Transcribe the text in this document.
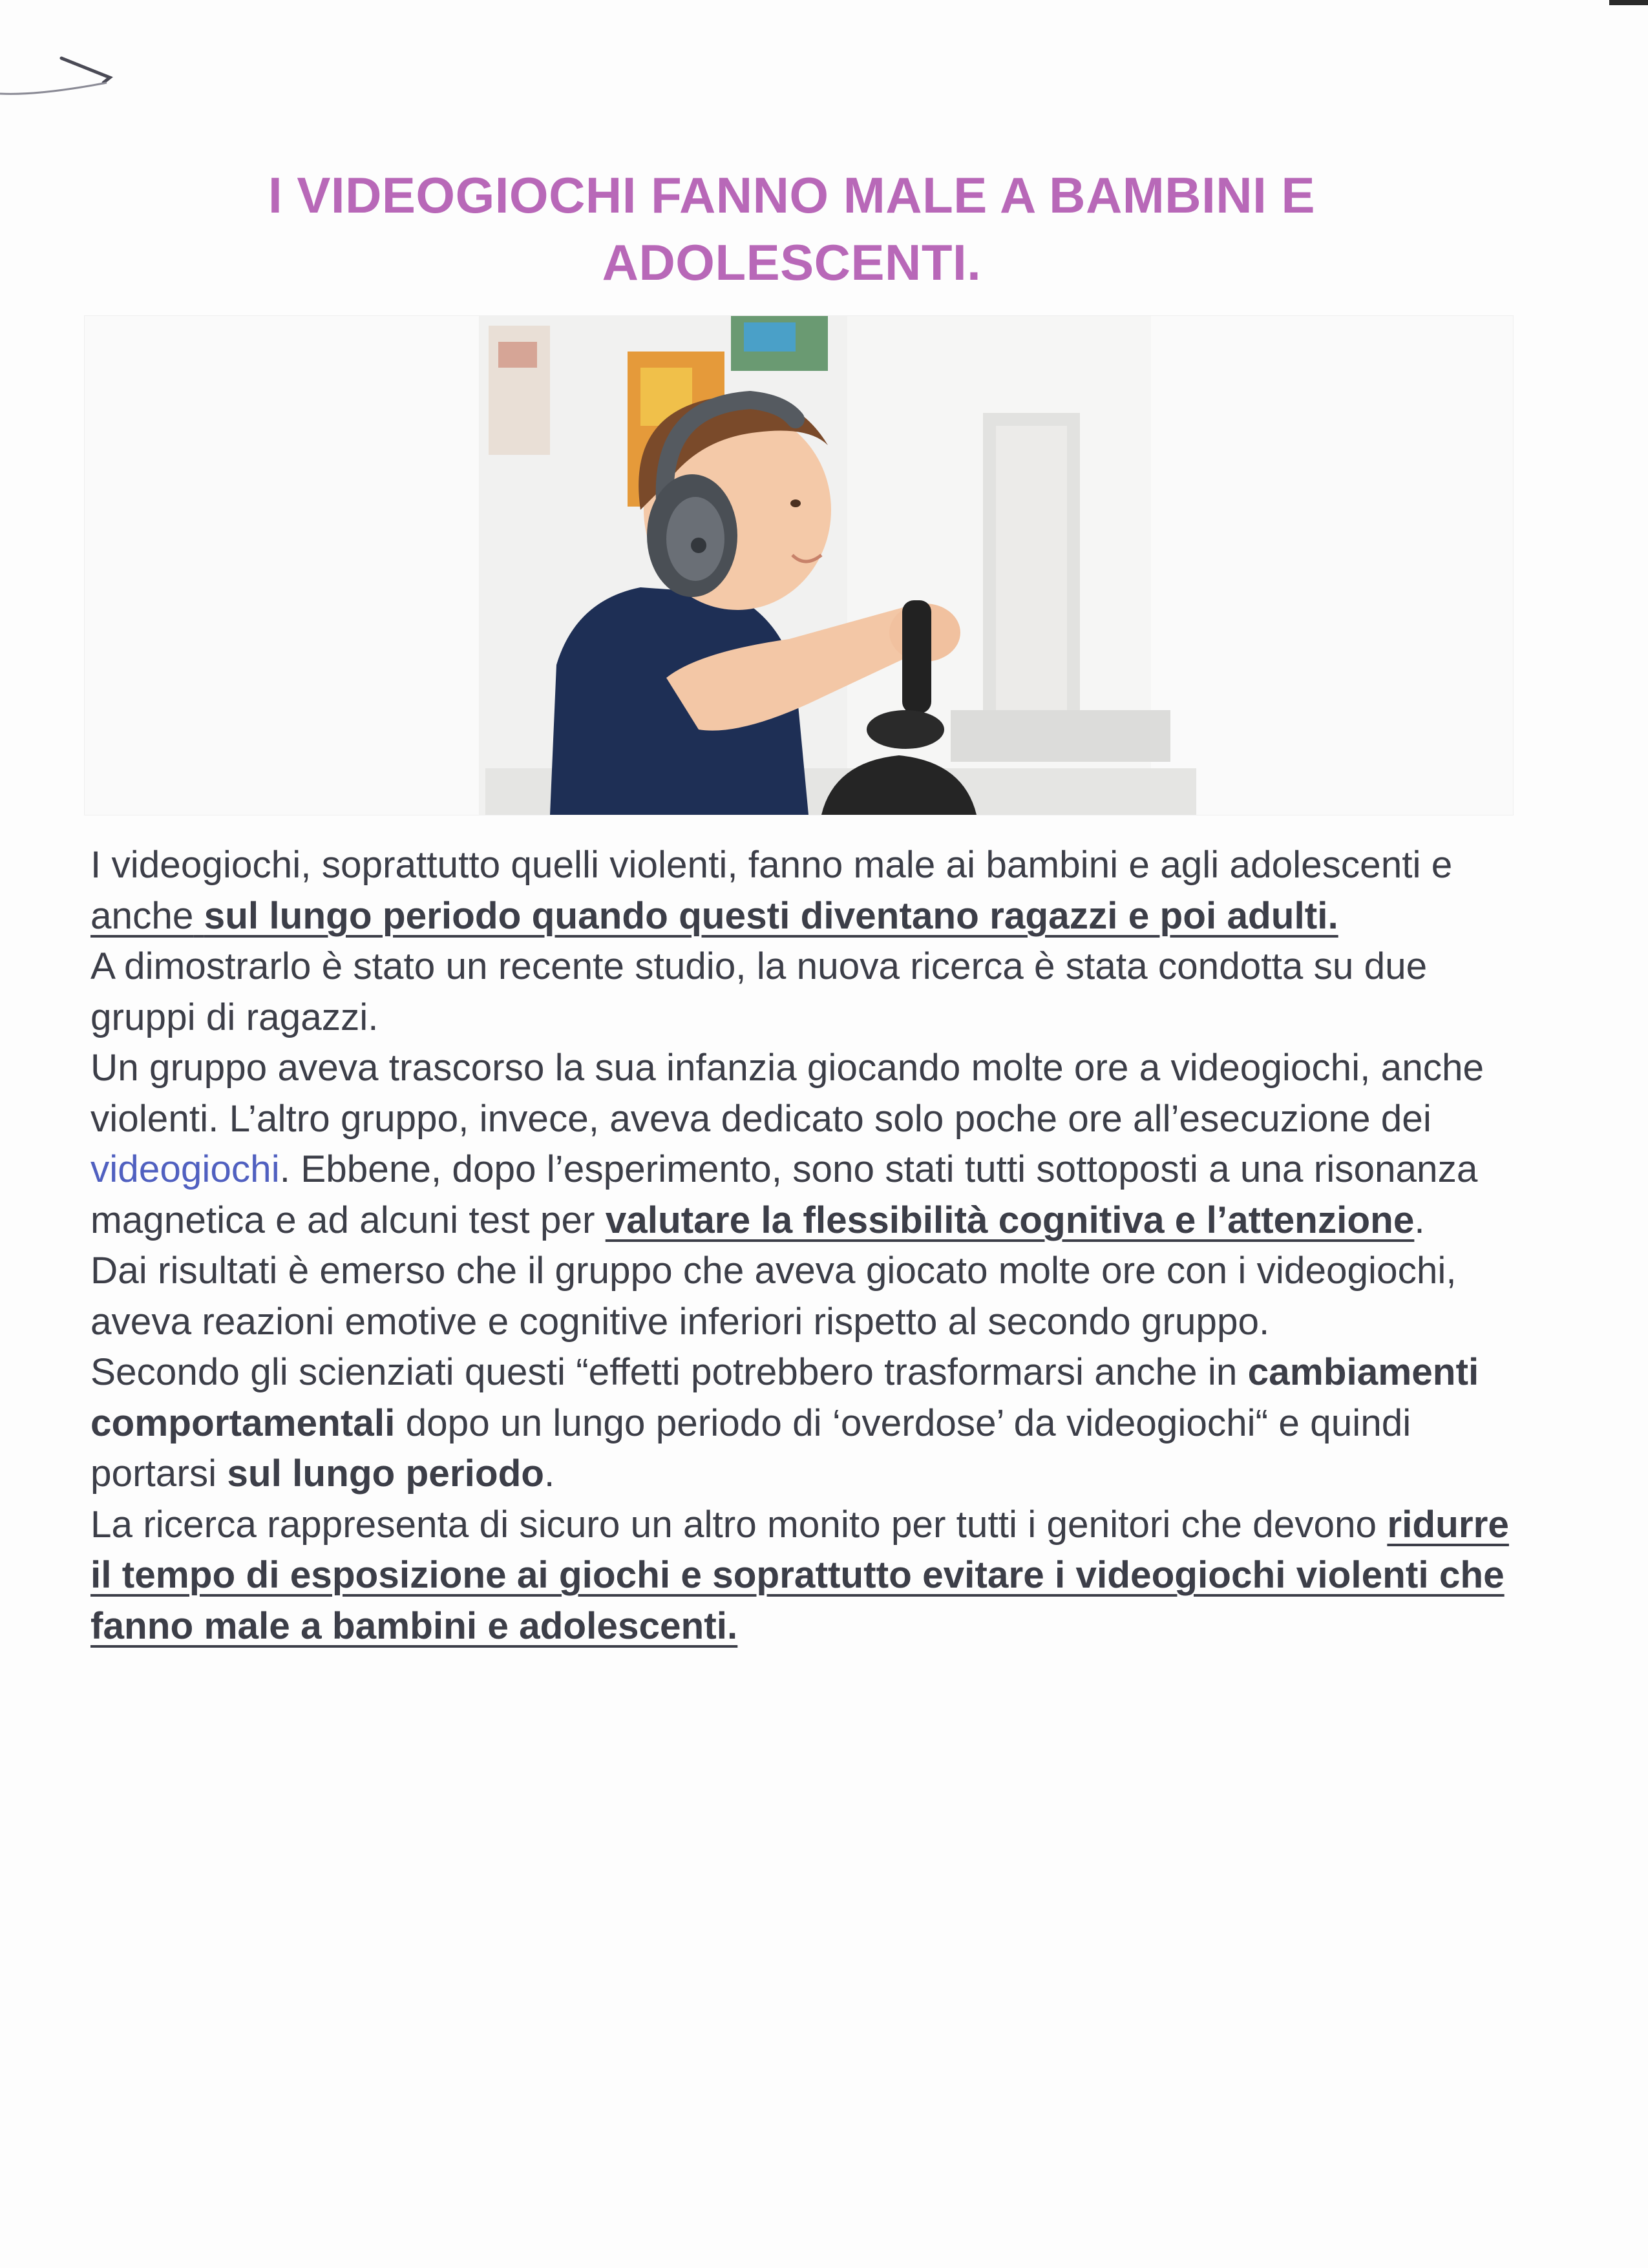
I VIDEOGIOCHI FANNO MALE A BAMBINI E ADOLESCENTI.

I videogiochi, soprattutto quelli violenti, fanno male ai bambini e agli adolescenti e anche sul lungo periodo quando questi diventano ragazzi e poi adulti.

A dimostrarlo è stato un recente studio, la nuova ricerca è stata condotta su due gruppi di ragazzi.

Un gruppo aveva trascorso la sua infanzia giocando molte ore a videogiochi, anche violenti. L’altro gruppo, invece, aveva dedicato solo poche ore all’esecuzione dei videogiochi. Ebbene, dopo l’esperimento, sono stati tutti sottoposti a una risonanza magnetica e ad alcuni test per valutare la flessibilità cognitiva e l’attenzione.

Dai risultati è emerso che il gruppo che aveva giocato molte ore con i videogiochi, aveva reazioni emotive e cognitive inferiori rispetto al secondo gruppo.

Secondo gli scienziati questi “effetti potrebbero trasformarsi anche in cambiamenti comportamentali dopo un lungo periodo di ‘overdose’ da videogiochi“ e quindi portarsi sul lungo periodo.

La ricerca rappresenta di sicuro un altro monito per tutti i genitori che devono ridurre il tempo di esposizione ai giochi e soprattutto evitare i videogiochi violenti che fanno male a bambini e adolescenti.
